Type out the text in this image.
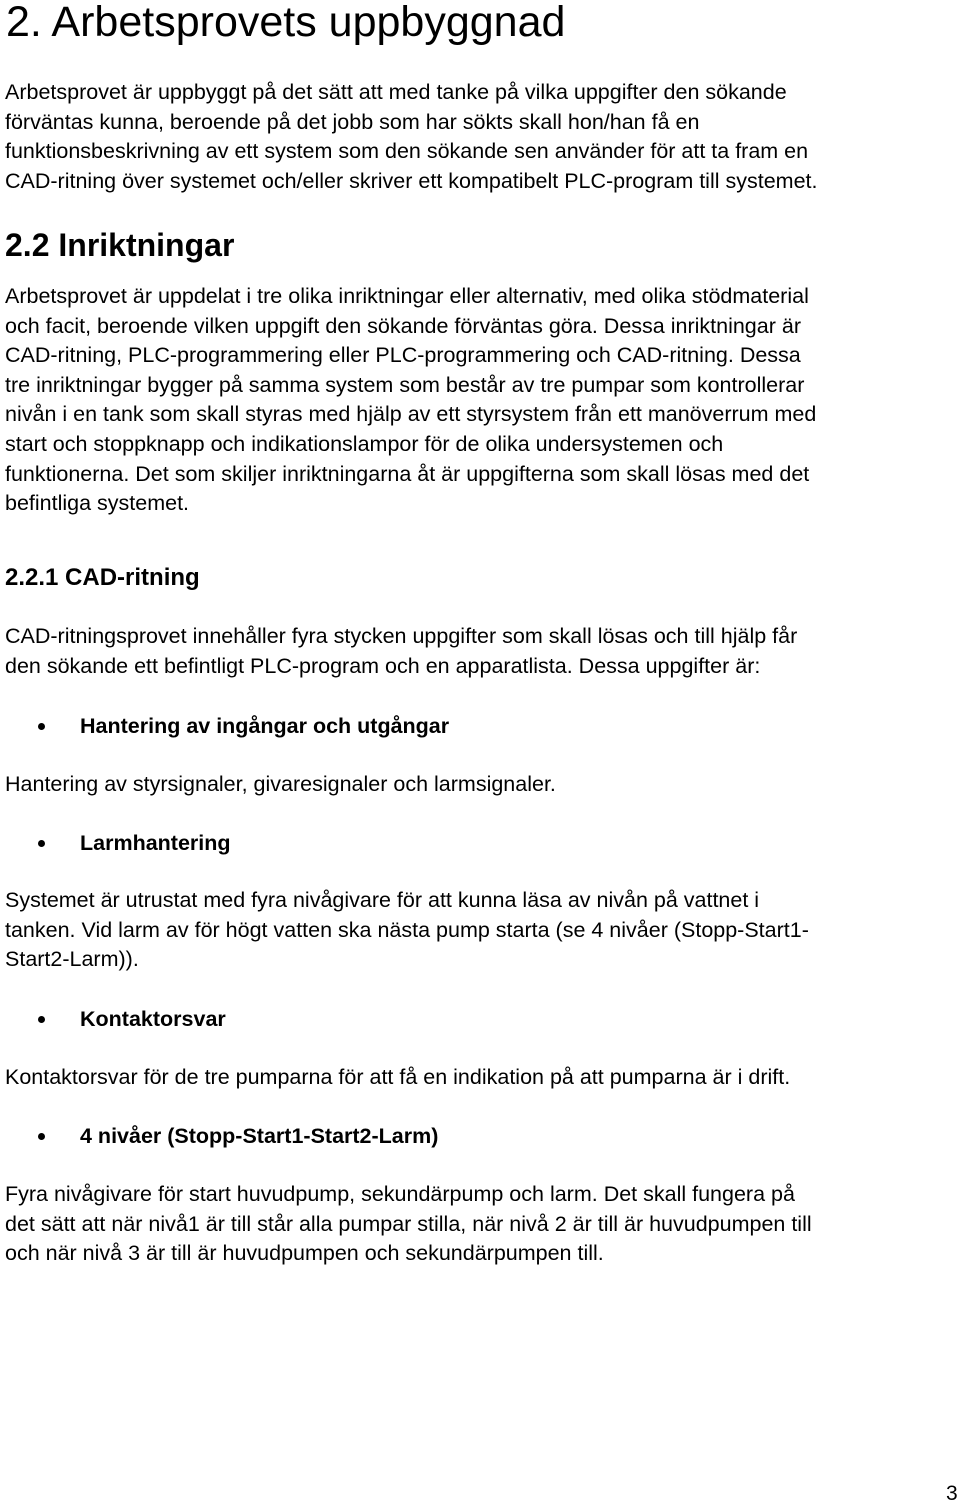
2. Arbetsprovets uppbyggnad
Arbetsprovet är uppbyggt på det sätt att med tanke på vilka uppgifter den sökande
förväntas kunna, beroende på det jobb som har sökts skall hon/han få en
funktionsbeskrivning av ett system som den sökande sen använder för att ta fram en
CAD-ritning över systemet och/eller skriver ett kompatibelt PLC-program till systemet.
2.2 Inriktningar
Arbetsprovet är uppdelat i tre olika inriktningar eller alternativ, med olika stödmaterial
och facit, beroende vilken uppgift den sökande förväntas göra. Dessa inriktningar är
CAD-ritning, PLC-programmering eller PLC-programmering och CAD-ritning. Dessa
tre inriktningar bygger på samma system som består av tre pumpar som kontrollerar
nivån i en tank som skall styras med hjälp av ett styrsystem från ett manöverrum med
start och stoppknapp och indikationslampor för de olika undersystemen och
funktionerna. Det som skiljer inriktningarna åt är uppgifterna som skall lösas med det
befintliga systemet.
2.2.1 CAD-ritning
CAD-ritningsprovet innehåller fyra stycken uppgifter som skall lösas och till hjälp får
den sökande ett befintligt PLC-program och en apparatlista. Dessa uppgifter är:
Hantering av ingångar och utgångar
Hantering av styrsignaler, givaresignaler och larmsignaler.
Larmhantering
Systemet är utrustat med fyra nivågivare för att kunna läsa av nivån på vattnet i
tanken. Vid larm av för högt vatten ska nästa pump starta (se 4 nivåer (Stopp-Start1-
Start2-Larm)).
Kontaktorsvar
Kontaktorsvar för de tre pumparna för att få en indikation på att pumparna är i drift.
4 nivåer (Stopp-Start1-Start2-Larm)
Fyra nivågivare för start huvudpump, sekundärpump och larm. Det skall fungera på
det sätt att när nivå1 är till står alla pumpar stilla, när nivå 2 är till är huvudpumpen till
och när nivå 3 är till är huvudpumpen och sekundärpumpen till.

3
